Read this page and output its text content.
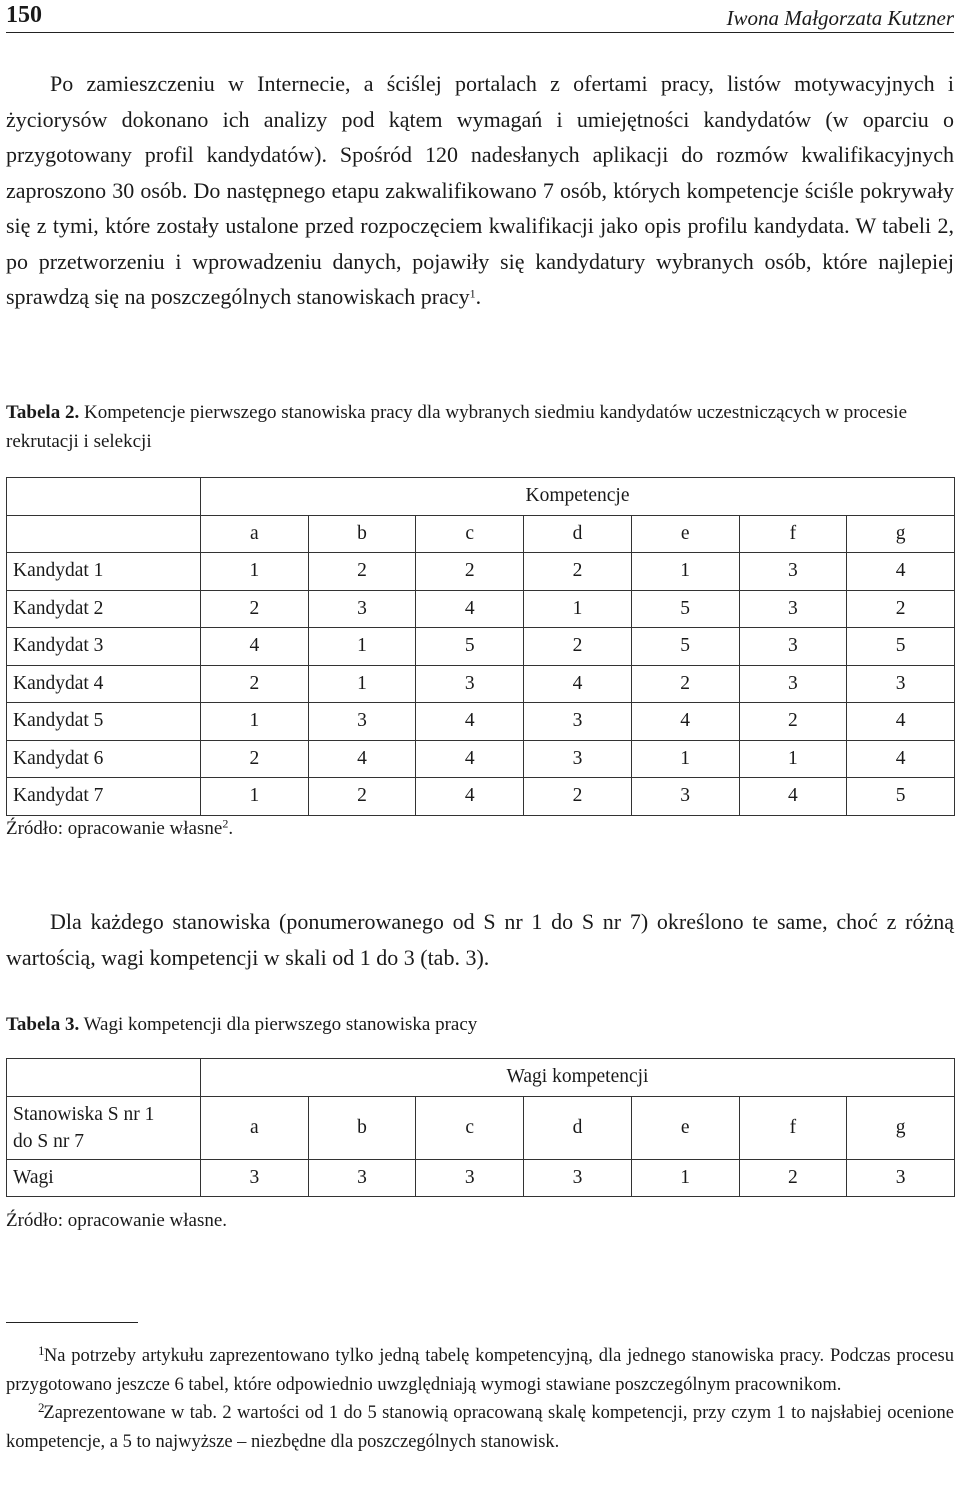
150	Iwona Małgorzata Kutzner

Po zamieszczeniu w Internecie, a ściślej portalach z ofertami pracy, listów motywacyjnych i życiorysów dokonano ich analizy pod kątem wymagań i umiejętności kandydatów (w oparciu o przygotowany profil kandydatów). Spośród 120 nadesłanych aplikacji do rozmów kwalifikacyjnych zaproszono 30 osób. Do następnego etapu zakwalifikowano 7 osób, których kompetencje ściśle pokrywały się z tymi, które zostały ustalone przed rozpoczęciem kwalifikacji jako opis profilu kandydata. W tabeli 2, po przetworzeniu i wprowadzeniu danych, pojawiły się kandydatury wybranych osób, które najlepiej sprawdzą się na poszczególnych stanowiskach pracy$^1$.

Tabela 2. Kompetencje pierwszego stanowiska pracy dla wybranych siedmiu kandydatów uczestniczących w procesie rekrutacji i selekcji

	Kompetencje						
	a	b	c	d	e	f	g
Kandydat 1	1	2	2	2	1	3	4
Kandydat 2	2	3	4	1	5	3	2
Kandydat 3	4	1	5	2	5	3	5
Kandydat 4	2	1	3	4	2	3	3
Kandydat 5	1	3	4	3	4	2	4
Kandydat 6	2	4	4	3	1	1	4
Kandydat 7	1	2	4	2	3	4	5
Źródło: opracowanie własne$^2$.

Dla każdego stanowiska (ponumerowanego od S nr 1 do S nr 7) określono te same, choć z różną wartością, wagi kompetencji w skali od 1 do 3 (tab. 3).

Tabela 3. Wagi kompetencji dla pierwszego stanowiska pracy

	Wagi kompetencji						
Stanowiska S nr 1
do S nr 7	a	b	c	d	e	f	g
Wagi	3	3	3	3	1	2	3
Źródło: opracowanie własne.

1 Na potrzeby artykułu zaprezentowano tylko jedną tabelę kompetencyjną, dla jednego stanowiska pracy. Podczas procesu przygotowano jeszcze 6 tabel, które odpowiednio uwzględniają wymogi stawiane poszczególnym pracownikom.

2 Zaprezentowane w tab. 2 wartości od 1 do 5 stanowią opracowaną skalę kompetencji, przy czym 1 to najsłabiej ocenione kompetencje, a 5 to najwyższe – niezbędne dla poszczególnych stanowisk.
